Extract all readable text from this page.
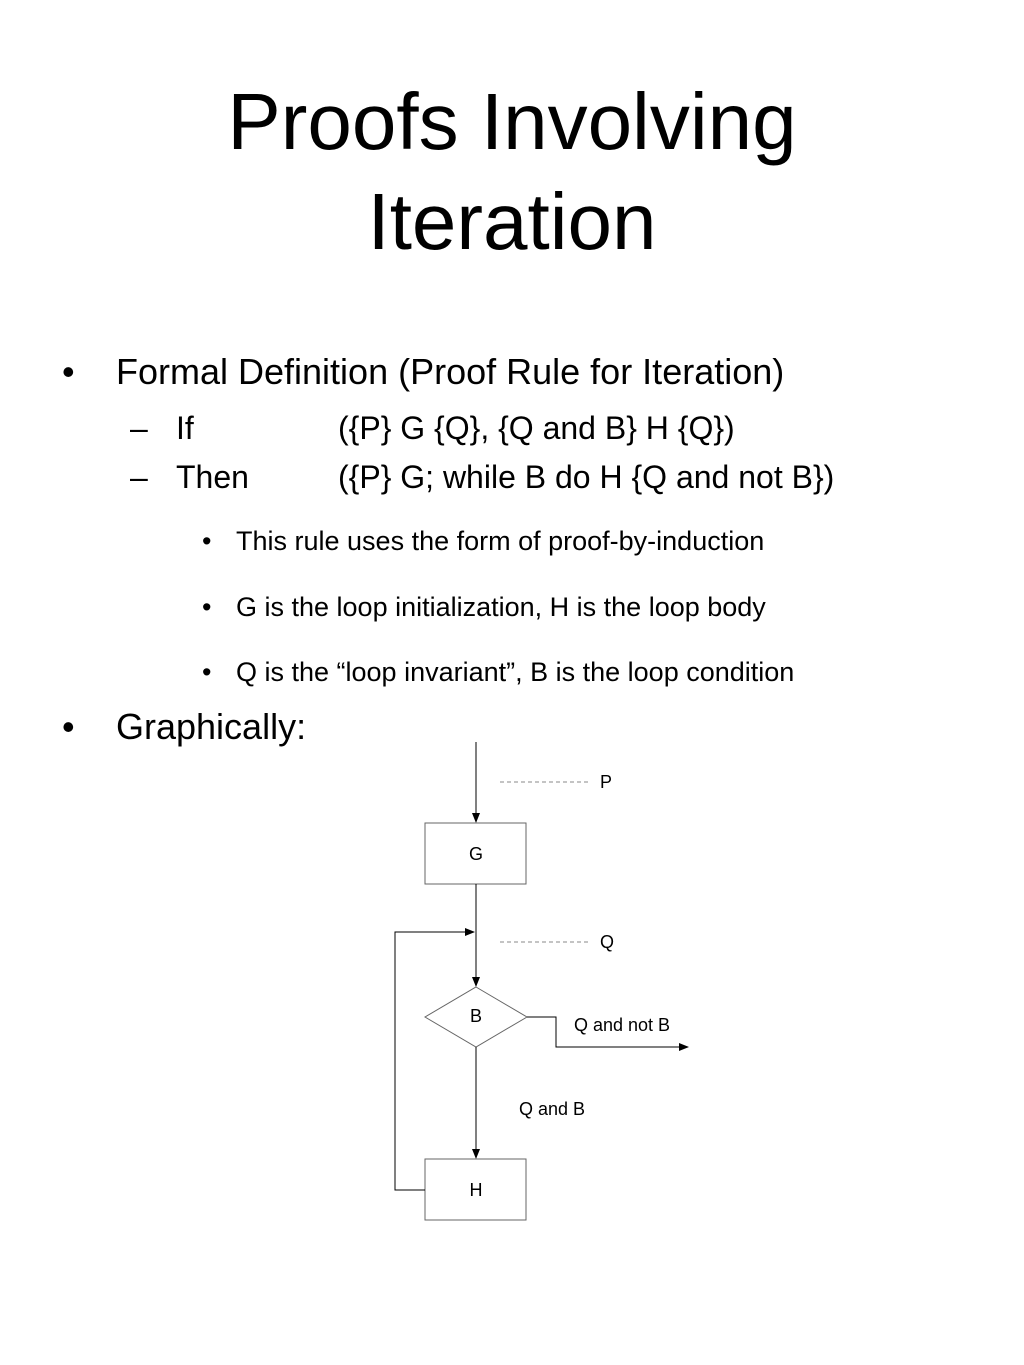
Proofs Involving
Iteration
• Formal Definition (Proof Rule for Iteration)
– If	({P} G {Q}, {Q and B} H {Q})
– Then	({P} G; while B do H {Q and not B})
• This rule uses the form of proof-by-induction
• G is the loop initialization, H is the loop body
• Q is the “loop invariant”, B is the loop condition
• Graphically:
P
G
Q
B	Q and not B
Q and B
H
